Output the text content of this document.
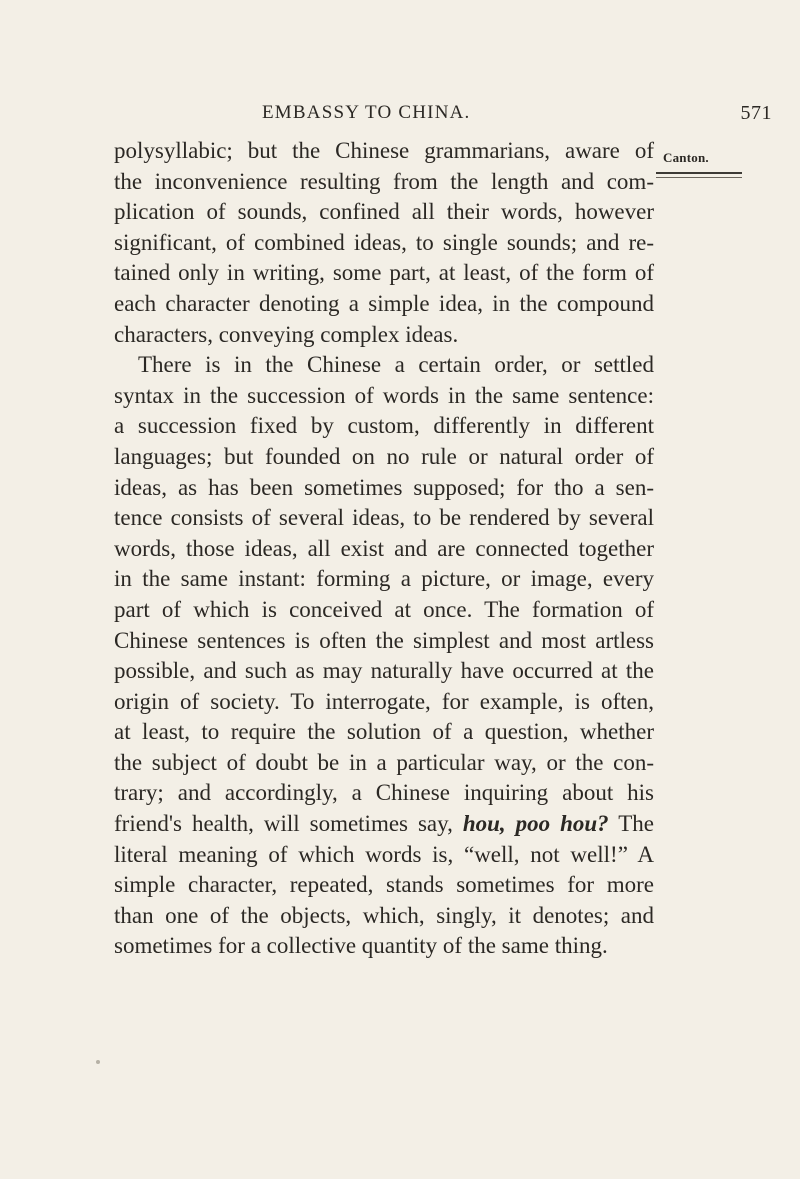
EMBASSY TO CHINA.	571
Canton.
polysyllabic; but the Chinese grammarians, aware of
the inconvenience resulting from the length and com-
plication of sounds, confined all their words, however
significant, of combined ideas, to single sounds; and re-
tained only in writing, some part, at least, of the form of
each character denoting a simple idea, in the compound
characters, conveying complex ideas.
There is in the Chinese a certain order, or settled
syntax in the succession of words in the same sentence:
a succession fixed by custom, differently in different
languages; but founded on no rule or natural order of
ideas, as has been sometimes supposed; for tho a sen-
tence consists of several ideas, to be rendered by several
words, those ideas, all exist and are connected together
in the same instant: forming a picture, or image, every
part of which is conceived at once. The formation of
Chinese sentences is often the simplest and most artless
possible, and such as may naturally have occurred at the
origin of society. To interrogate, for example, is often,
at least, to require the solution of a question, whether
the subject of doubt be in a particular way, or the con-
trary; and accordingly, a Chinese inquiring about his
friend's health, will sometimes say, hou, poo hou? The
literal meaning of which words is, “well, not well!” A
simple character, repeated, stands sometimes for more
than one of the objects, which, singly, it denotes; and
sometimes for a collective quantity of the same thing.
